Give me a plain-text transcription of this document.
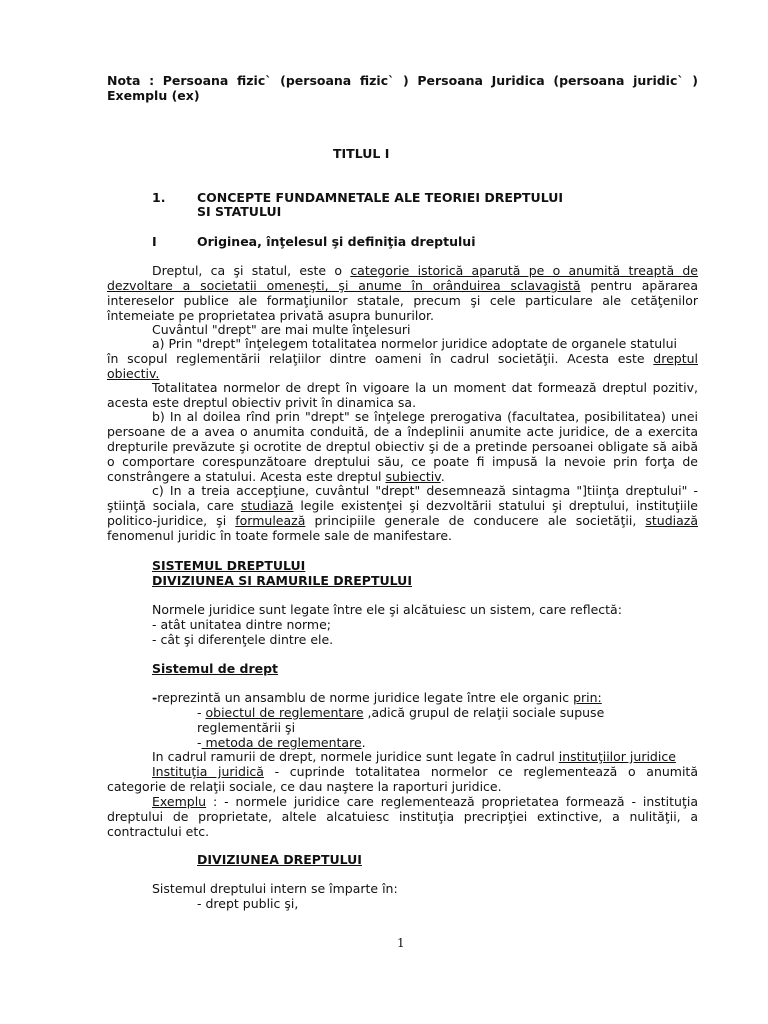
Nota : Persoana fizic` (persoana fizic` ) Persoana Juridica (persoana juridic` )
Exemplu (ex)
TITLUL I
1.	CONCEPTE FUNDAMNETALE ALE TEORIEI DREPTULUI
SI STATULUI
I	Originea, înţelesul şi definiţia dreptului
Dreptul, ca şi statul, este o categorie istorică aparută pe o anumită treaptă de
dezvoltare a societatii omeneşti, şi anume în orânduirea sclavagistă pentru apărarea
intereselor publice ale formaţiunilor statale, precum şi cele particulare ale cetăţenilor
întemeiate pe proprietatea privată asupra bunurilor.
Cuvântul "drept" are mai multe înţelesuri
a) Prin "drept" înţelegem totalitatea normelor juridice adoptate de organele statului
în scopul reglementării relaţiilor dintre oameni în cadrul societăţii. Acesta este dreptul
obiectiv.
Totalitatea normelor de drept în vigoare la un moment dat formează dreptul pozitiv,
acesta este dreptul obiectiv privit în dinamica sa.
b) In al doilea rînd prin "drept" se înţelege prerogativa (facultatea, posibilitatea) unei
persoane de a avea o anumita conduită, de a îndeplinii anumite acte juridice, de a exercita
drepturile prevăzute şi ocrotite de dreptul obiectiv şi de a pretinde persoanei obligate să aibă
o comportare corespunzătoare dreptului său, ce poate fi impusă la nevoie prin forţa de
constrângere a statului. Acesta este dreptul subiectiv.
c) In a treia accepţiune, cuvântul "drept" desemnează sintagma "]tiinţa dreptului" -
ştiinţă sociala, care studiază legile existenţei şi dezvoltării statului şi dreptului, instituţiile
politico-juridice, şi formulează principiile generale de conducere ale societăţii, studiază
fenomenul juridic în toate formele sale de manifestare.
SISTEMUL DREPTULUI
DIVIZIUNEA SI RAMURILE DREPTULUI
Normele juridice sunt legate între ele şi alcătuiesc un sistem, care reflectă:
- atât unitatea dintre norme;
- cât şi diferenţele dintre ele.
Sistemul de drept
-reprezintă un ansamblu de norme juridice legate între ele organic prin:
- obiectul de reglementare ,adică grupul de relaţii sociale supuse
reglementării şi
- metoda de reglementare.
In cadrul ramurii de drept, normele juridice sunt legate în cadrul instituţiilor juridice
Instituţia juridică - cuprinde totalitatea normelor ce reglementează o anumită
categorie de relaţii sociale, ce dau naştere la raporturi juridice.
Exemplu : - normele juridice care reglementează proprietatea formează - instituţia
dreptului de proprietate, altele alcatuiesc instituţia precripţiei extinctive, a nulităţii, a
contractului etc.
DIVIZIUNEA DREPTULUI
Sistemul dreptului intern se împarte în:
- drept public şi,
1
